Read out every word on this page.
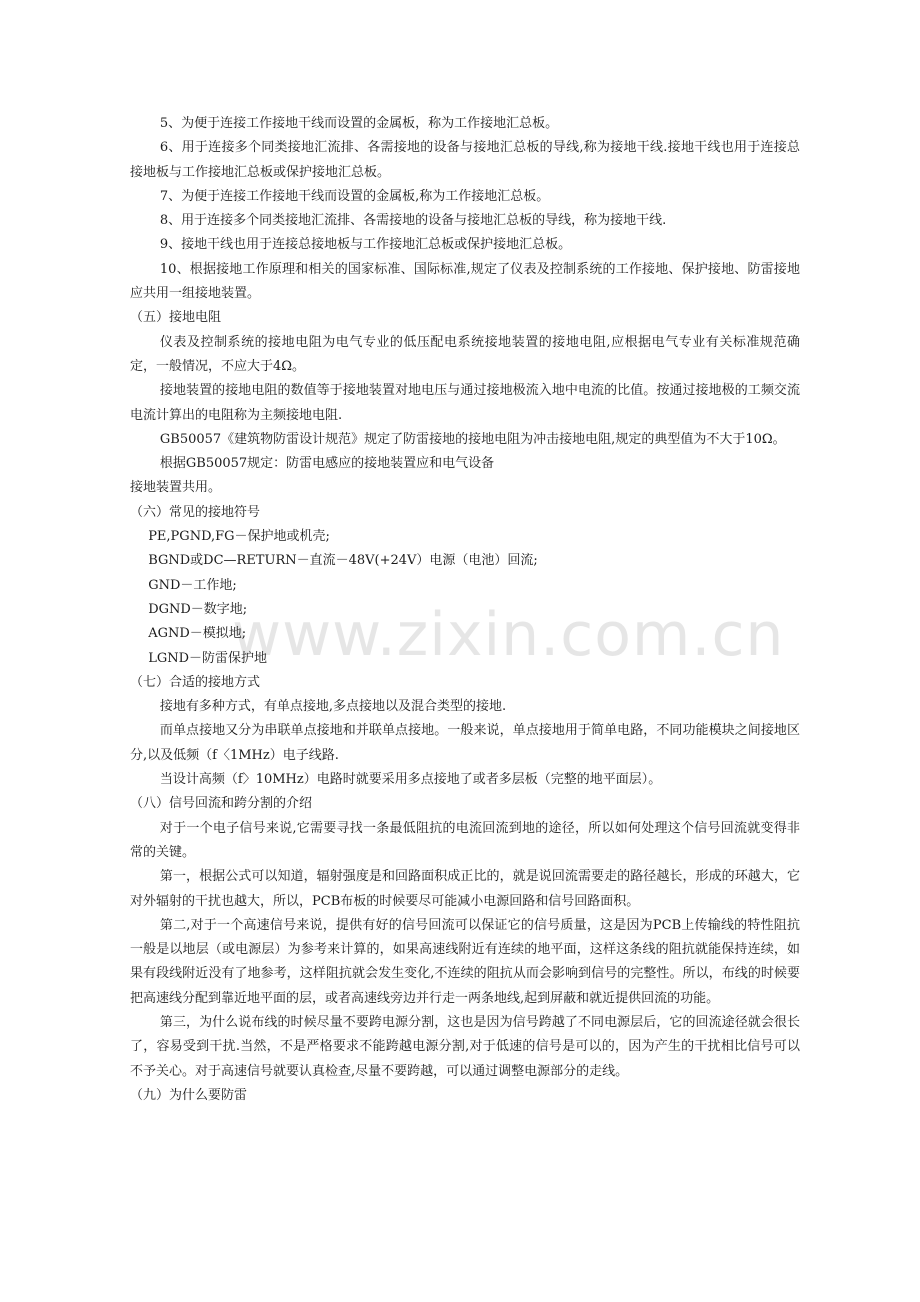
www.zixin.com.cn

5、为便于连接工作接地干线而设置的金属板，称为工作接地汇总板。

6、用于连接多个同类接地汇流排、各需接地的设备与接地汇总板的导线,称为接地干线.接地干线也用于连接总接地板与工作接地汇总板或保护接地汇总板。

7、为便于连接工作接地干线而设置的金属板,称为工作接地汇总板。

8、用于连接多个同类接地汇流排、各需接地的设备与接地汇总板的导线，称为接地干线.

9、接地干线也用于连接总接地板与工作接地汇总板或保护接地汇总板。

10、根据接地工作原理和相关的国家标准、国际标准,规定了仪表及控制系统的工作接地、保护接地、防雷接地应共用一组接地装置。

（五）接地电阻

仪表及控制系统的接地电阻为电气专业的低压配电系统接地装置的接地电阻,应根据电气专业有关标准规范确定，一般情况，不应大于4Ω。

接地装置的接地电阻的数值等于接地装置对地电压与通过接地极流入地中电流的比值。按通过接地极的工频交流电流计算出的电阻称为主频接地电阻.

GB50057《建筑物防雷设计规范》规定了防雷接地的接地电阻为冲击接地电阻,规定的典型值为不大于10Ω。

根据GB50057规定：防雷电感应的接地装置应和电气设备

接地装置共用。

（六）常见的接地符号

PE,PGND,FG－保护地或机壳;

BGND或DC—RETURN－直流－48V(+24V）电源（电池）回流;

GND－工作地;

DGND－数字地;

AGND－模拟地;

LGND－防雷保护地

（七）合适的接地方式

接地有多种方式，有单点接地,多点接地以及混合类型的接地.

而单点接地又分为串联单点接地和并联单点接地。一般来说，单点接地用于简单电路，不同功能模块之间接地区分,以及低频（f〈1MHz）电子线路.

当设计高频（f〉10MHz）电路时就要采用多点接地了或者多层板（完整的地平面层）。

（八）信号回流和跨分割的介绍

对于一个电子信号来说,它需要寻找一条最低阻抗的电流回流到地的途径，所以如何处理这个信号回流就变得非常的关键。

第一，根据公式可以知道，辐射强度是和回路面积成正比的，就是说回流需要走的路径越长，形成的环越大，它对外辐射的干扰也越大，所以，PCB布板的时候要尽可能减小电源回路和信号回路面积。

第二,对于一个高速信号来说，提供有好的信号回流可以保证它的信号质量，这是因为PCB上传输线的特性阻抗一般是以地层（或电源层）为参考来计算的，如果高速线附近有连续的地平面，这样这条线的阻抗就能保持连续，如果有段线附近没有了地参考，这样阻抗就会发生变化,不连续的阻抗从而会影响到信号的完整性。所以，布线的时候要把高速线分配到靠近地平面的层，或者高速线旁边并行走一两条地线,起到屏蔽和就近提供回流的功能。

第三，为什么说布线的时候尽量不要跨电源分割，这也是因为信号跨越了不同电源层后，它的回流途径就会很长了，容易受到干扰.当然，不是严格要求不能跨越电源分割,对于低速的信号是可以的，因为产生的干扰相比信号可以不予关心。对于高速信号就要认真检查,尽量不要跨越，可以通过调整电源部分的走线。

（九）为什么要防雷
